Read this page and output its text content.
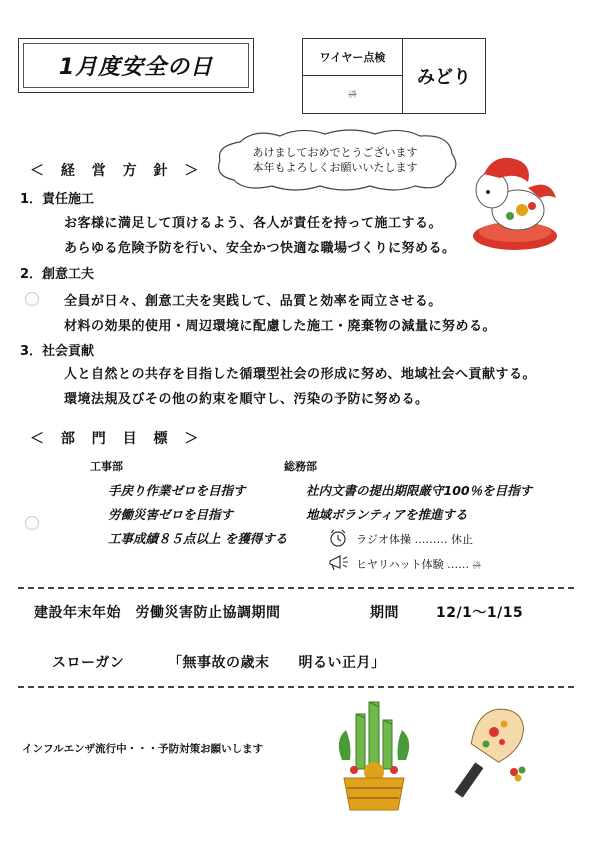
1月度安全の日	ワイヤー点検
済
みどり
あけましておめでとうございます
本年もよろしくお願いいたします
＜ 経 営 方 針 ＞
1．責任施工
お客様に満足して頂けるよう、各人が責任を持って施工する。
あらゆる危険予防を行い、安全かつ快適な職場づくりに努める。
2．創意工夫
全員が日々、創意工夫を実践して、品質と効率を両立させる。
材料の効果的使用・周辺環境に配慮した施工・廃棄物の減量に努める。
3．社会貢献
人と自然との共存を目指した循環型社会の形成に努め、地域社会へ貢献する。
環境法規及びその他の約束を順守し、汚染の予防に努める。
＜ 部 門 目 標 ＞
工事部	総務部
手戻り作業ゼロを目指す
労働災害ゼロを目指す
工事成績８５点以上 を獲得する
社内文書の提出期限厳守100％を目指す
地域ボランティアを推進する
ラジオ体操 ……… 休止
ヒヤリハット体験 …… 済
建設年末年始　労働災害防止協調期間	期間	12/1～1/15
スローガン	「無事故の歳末　　明るい正月」
インフルエンザ流行中・・・予防対策お願いします
